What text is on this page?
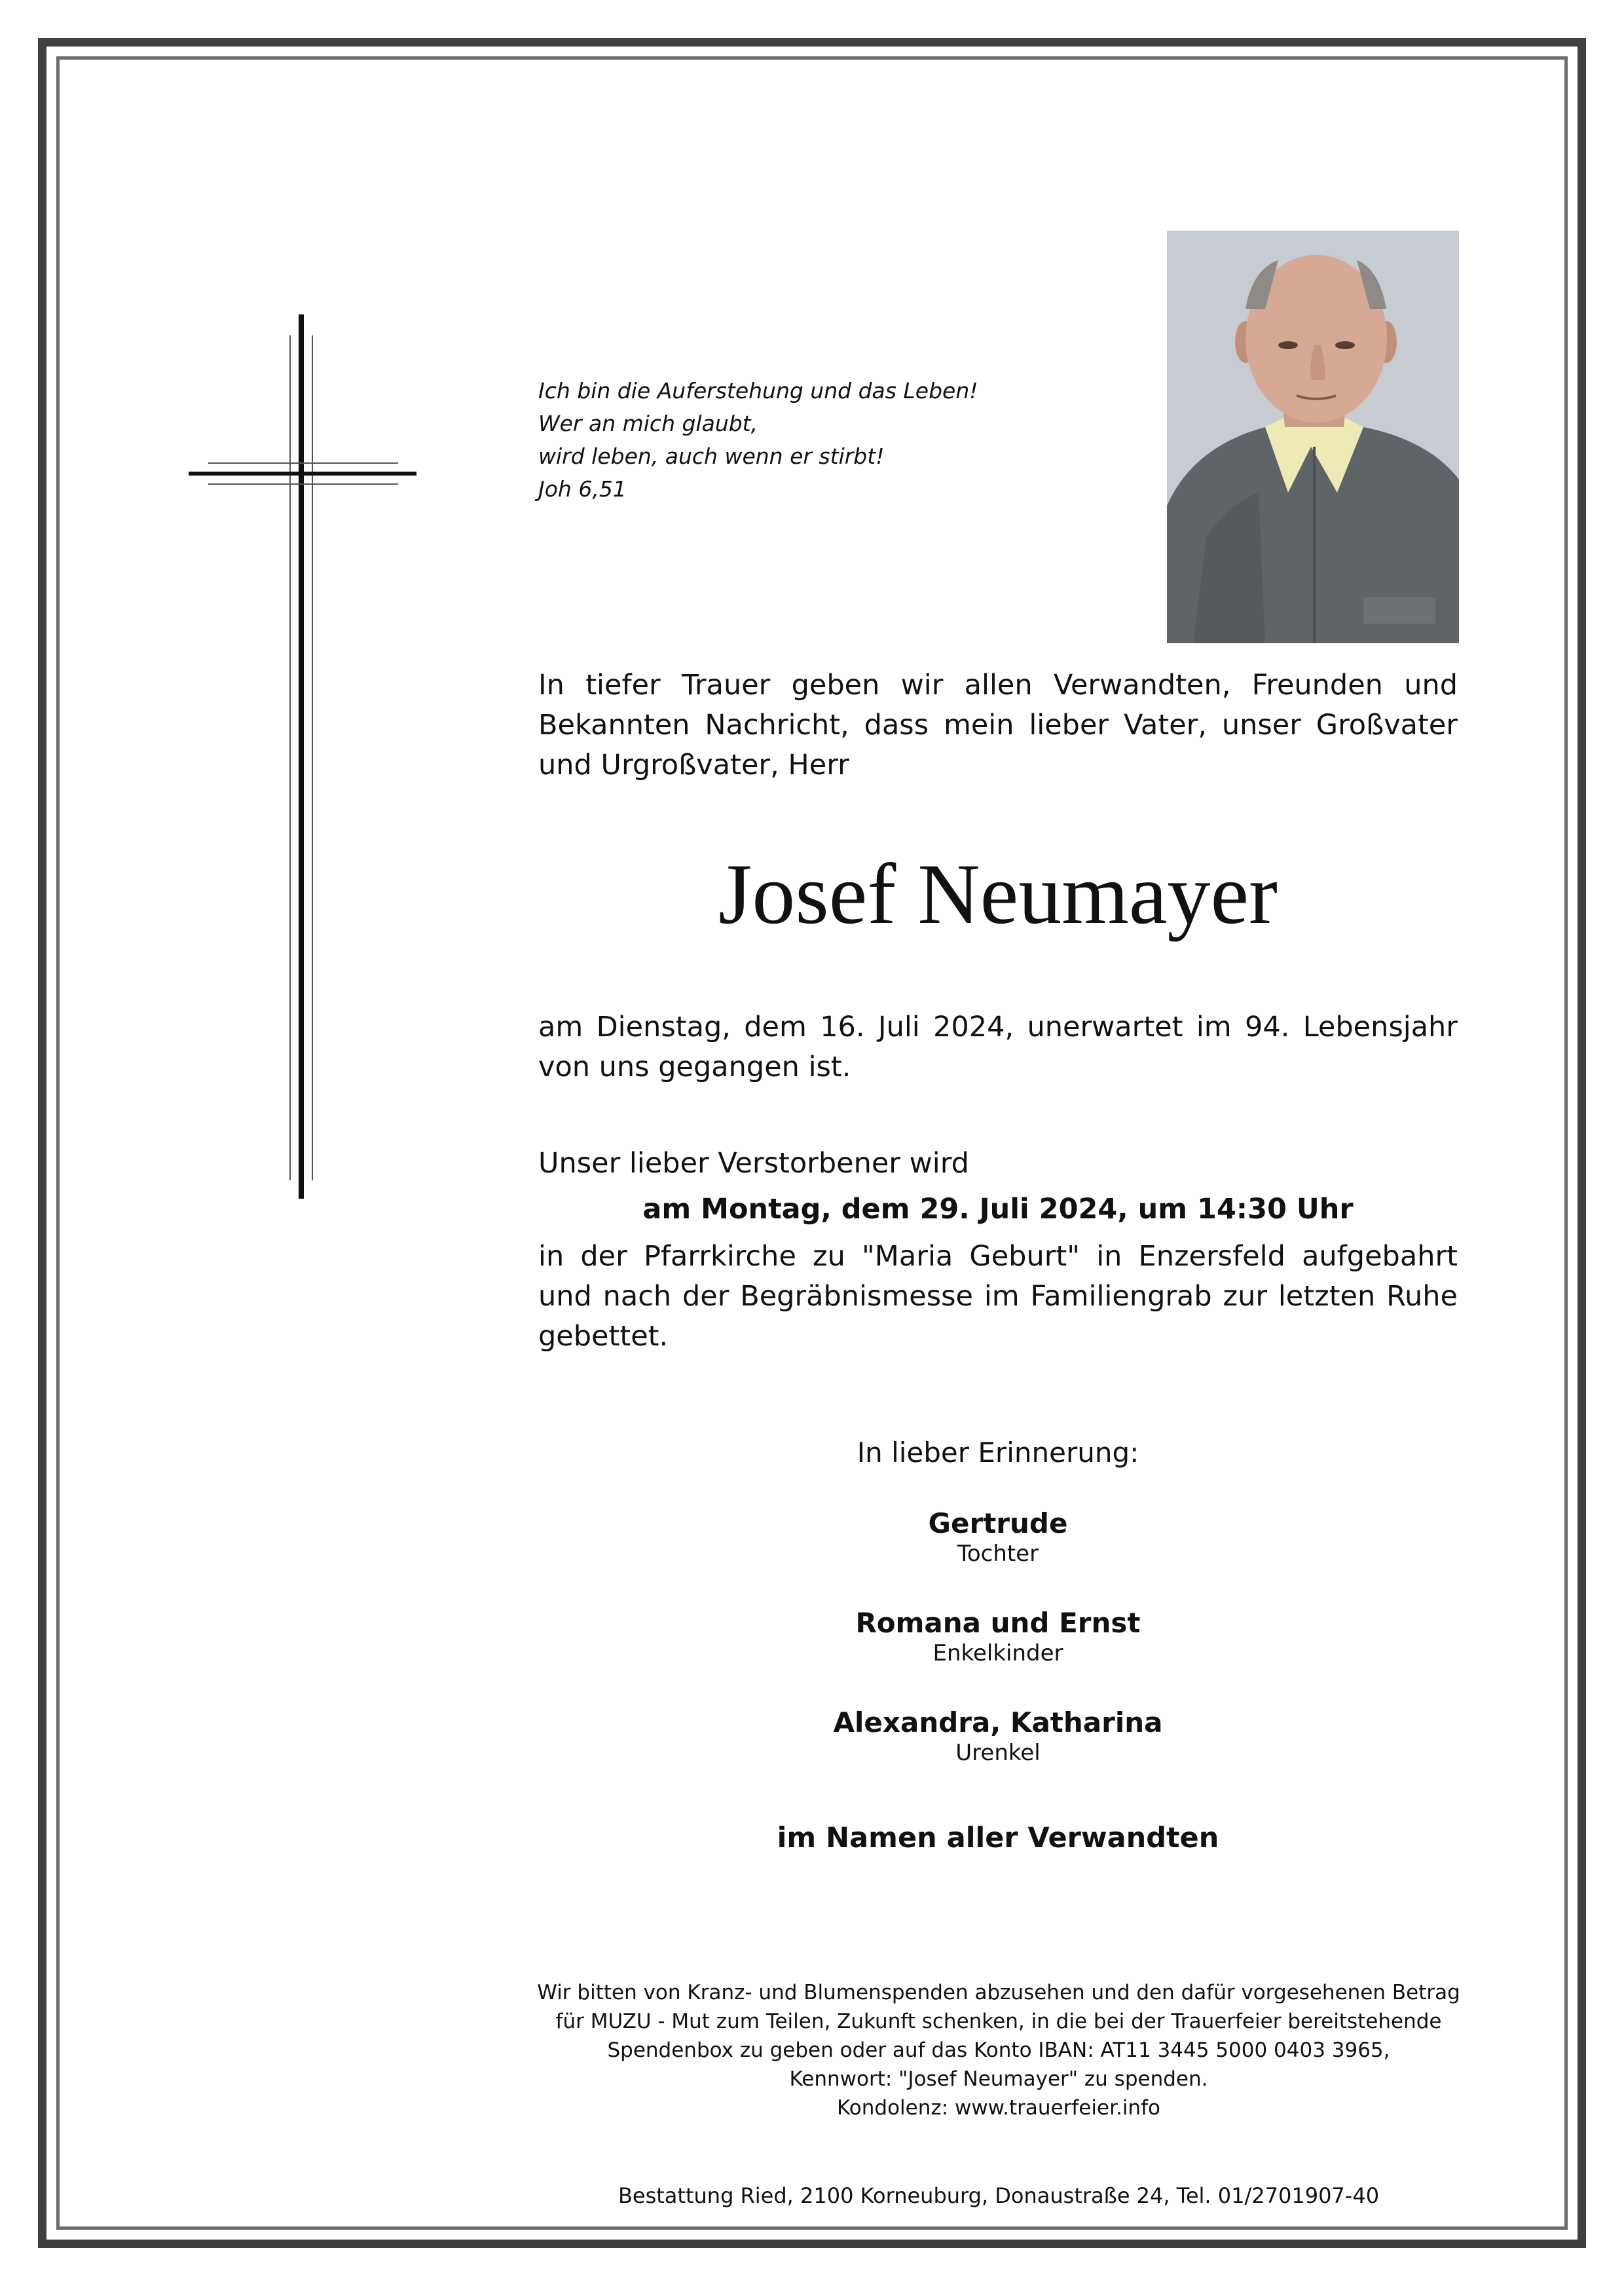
Ich bin die Auferstehung und das Leben!
Wer an mich glaubt,
wird leben, auch wenn er stirbt!
Joh 6,51
In tiefer Trauer geben wir allen Verwandten, Freunden und Bekannten Nachricht, dass mein lieber Vater, unser Großvater und Urgroßvater, Herr
Josef Neumayer
am Dienstag, dem 16. Juli 2024, unerwartet im 94. Lebensjahr von uns gegangen ist.
Unser lieber Verstorbener wird
am Montag, dem 29. Juli 2024, um 14:30 Uhr
in der Pfarrkirche zu "Maria Geburt" in Enzersfeld aufgebahrt und nach der Begräbnismesse im Familiengrab zur letzten Ruhe gebettet.
In lieber Erinnerung:
Gertrude
Tochter
Romana und Ernst
Enkelkinder
Alexandra, Katharina
Urenkel
im Namen aller Verwandten
Wir bitten von Kranz- und Blumenspenden abzusehen und den dafür vorgesehenen Betrag
für MUZU - Mut zum Teilen, Zukunft schenken, in die bei der Trauerfeier bereitstehende
Spendenbox zu geben oder auf das Konto IBAN: AT11 3445 5000 0403 3965,
Kennwort: "Josef Neumayer" zu spenden.
Kondolenz: www.trauerfeier.info
Bestattung Ried, 2100 Korneuburg, Donaustraße 24, Tel. 01/2701907-40
